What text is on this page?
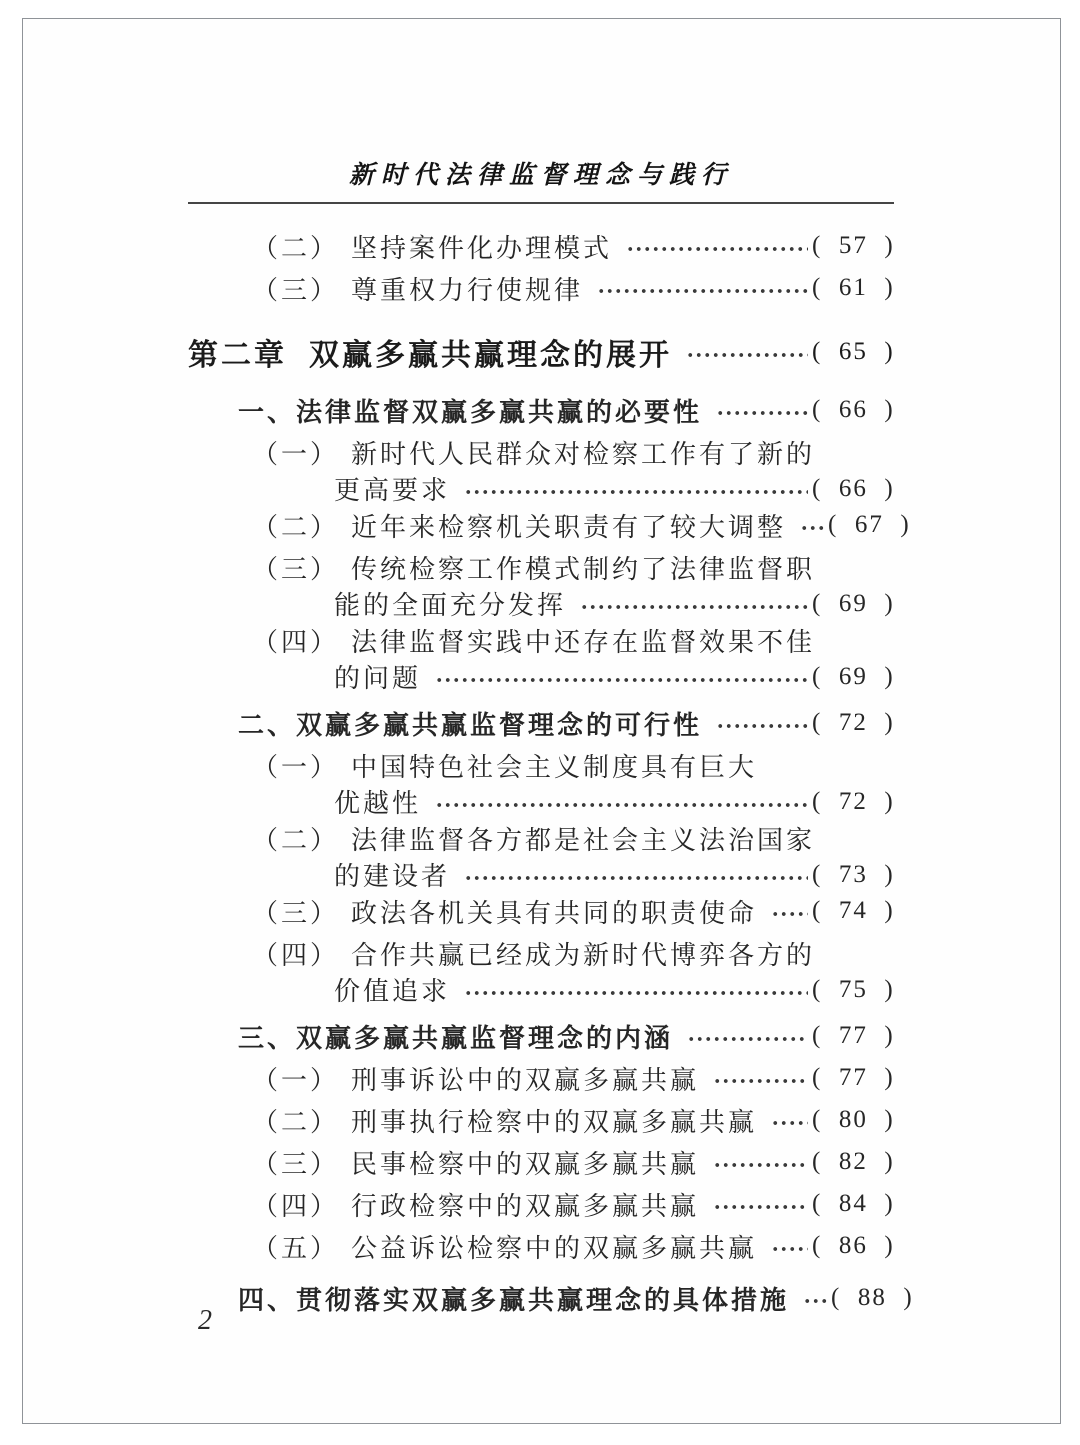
新时代法律监督理念与践行
（二） 坚持案件化办理模式	(  57  )
（三） 尊重权力行使规律	(  61  )
第二章 双赢多赢共赢理念的展开	(  65  )
一、 法律监督双赢多赢共赢的必要性	(  66  )
（一） 新时代人民群众对检察工作有了新的
更高要求	(  66  )
（二） 近年来检察机关职责有了较大调整 (  67  )
（三） 传统检察工作模式制约了法律监督职
能的全面充分发挥	(  69  )
（四） 法律监督实践中还存在监督效果不佳
的问题	(  69  )
二、 双赢多赢共赢监督理念的可行性	(  72  )
（一） 中国特色社会主义制度具有巨大
优越性	(  72  )
（二） 法律监督各方都是社会主义法治国家
的建设者	(  73  )
（三） 政法各机关具有共同的职责使命 (  74  )
（四） 合作共赢已经成为新时代博弈各方的
价值追求	(  75  )
三、 双赢多赢共赢监督理念的内涵	(  77  )
（一） 刑事诉讼中的双赢多赢共赢	(  77  )
（二） 刑事执行检察中的双赢多赢共赢 (  80  )
（三） 民事检察中的双赢多赢共赢	(  82  )
（四） 行政检察中的双赢多赢共赢	(  84  )
（五） 公益诉讼检察中的双赢多赢共赢 (  86  )
四、 贯彻落实双赢多赢共赢理念的具体措施 (  88  )
2
